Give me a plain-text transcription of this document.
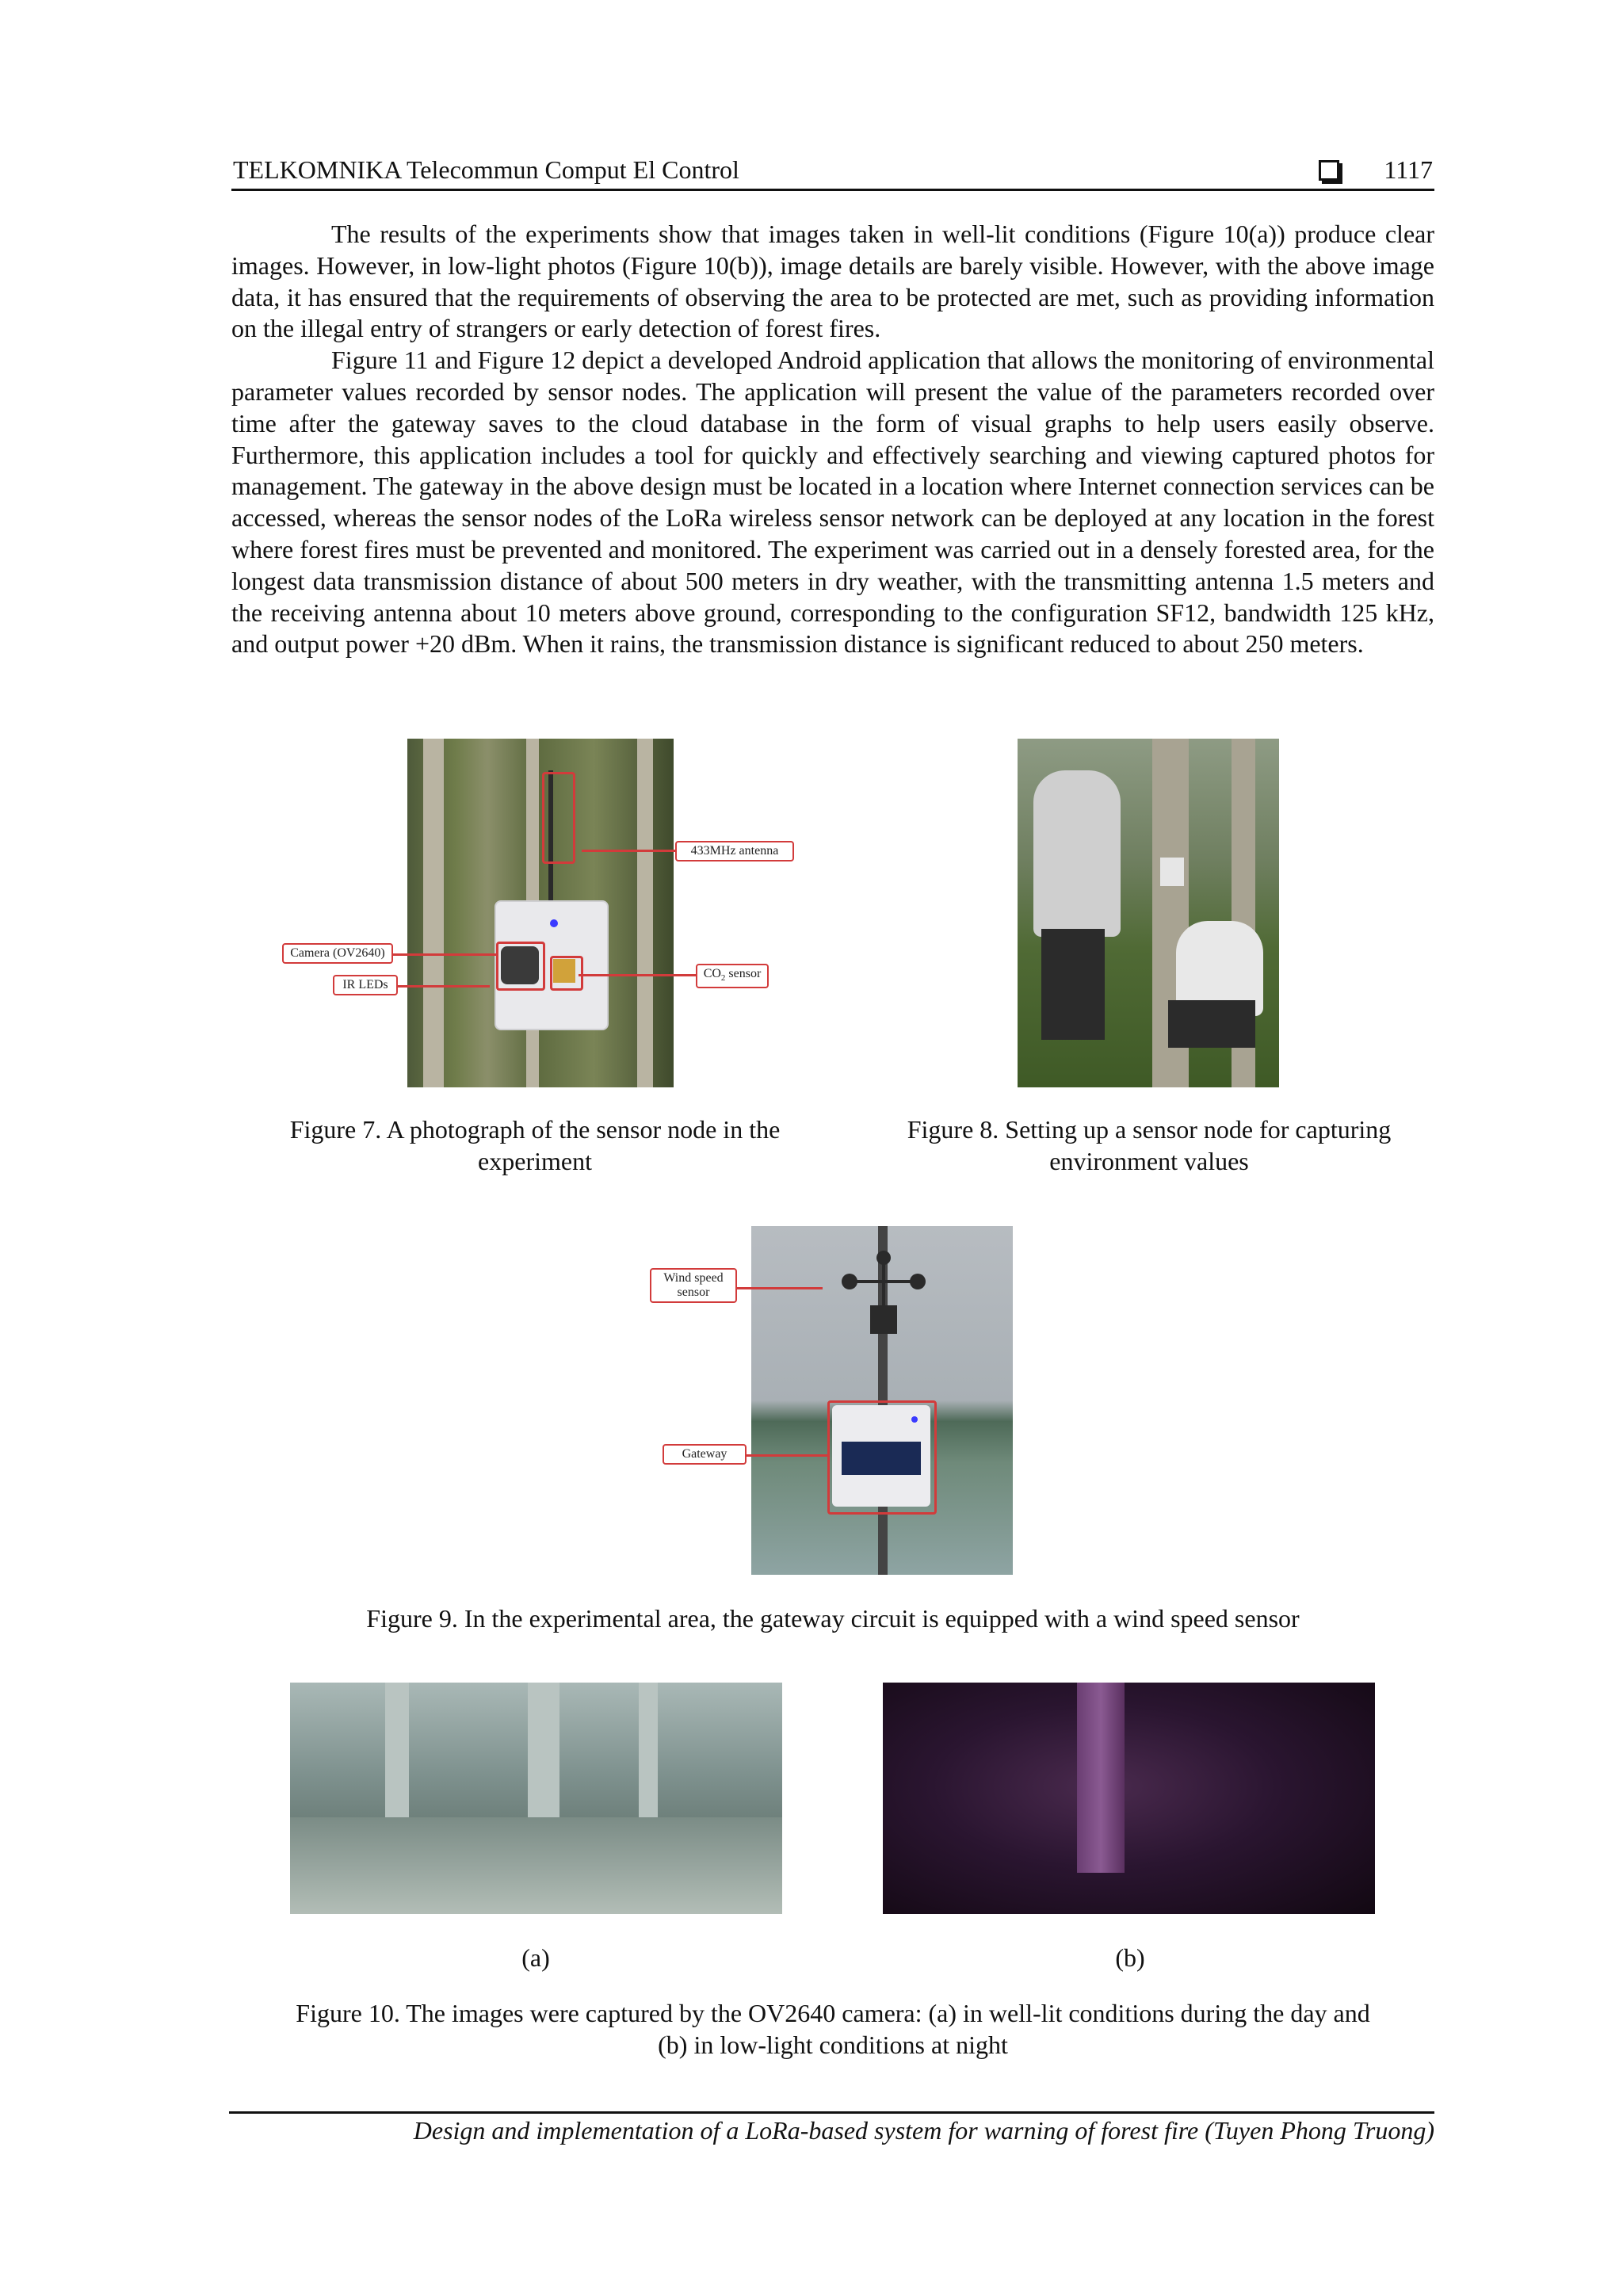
TELKOMNIKA Telecommun Comput El Control	1117

The results of the experiments show that images taken in well-lit conditions (Figure 10(a)) produce clear images. However, in low-light photos (Figure 10(b)), image details are barely visible. However, with the above image data, it has ensured that the requirements of observing the area to be protected are met, such as providing information on the illegal entry of strangers or early detection of forest fires.

Figure 11 and Figure 12 depict a developed Android application that allows the monitoring of environmental parameter values recorded by sensor nodes. The application will present the value of the parameters recorded over time after the gateway saves to the cloud database in the form of visual graphs to help users easily observe. Furthermore, this application includes a tool for quickly and effectively searching and viewing captured photos for management. The gateway in the above design must be located in a location where Internet connection services can be accessed, whereas the sensor nodes of the LoRa wireless sensor network can be deployed at any location in the forest where forest fires must be prevented and monitored. The experiment was carried out in a densely forested area, for the longest data transmission distance of about 500 meters in dry weather, with the transmitting antenna 1.5 meters and the receiving antenna about 10 meters above ground, corresponding to the configuration SF12, bandwidth 125 kHz, and output power +20 dBm. When it rains, the transmission distance is significant reduced to about 250 meters.

433MHz antenna
Camera (OV2640)
IR LEDs
$CO_2$ sensor
Figure 7. A photograph of the sensor node in the
experiment
Figure 8. Setting up a sensor node for capturing
environment values
Wind speed
sensor
Gateway
Figure 9. In the experimental area, the gateway circuit is equipped with a wind speed sensor
(a)	(b)
Figure 10. The images were captured by the OV2640 camera: (a) in well-lit conditions during the day and
(b) in low-light conditions at night
Design and implementation of a LoRa-based system for warning of forest fire (Tuyen Phong Truong)
